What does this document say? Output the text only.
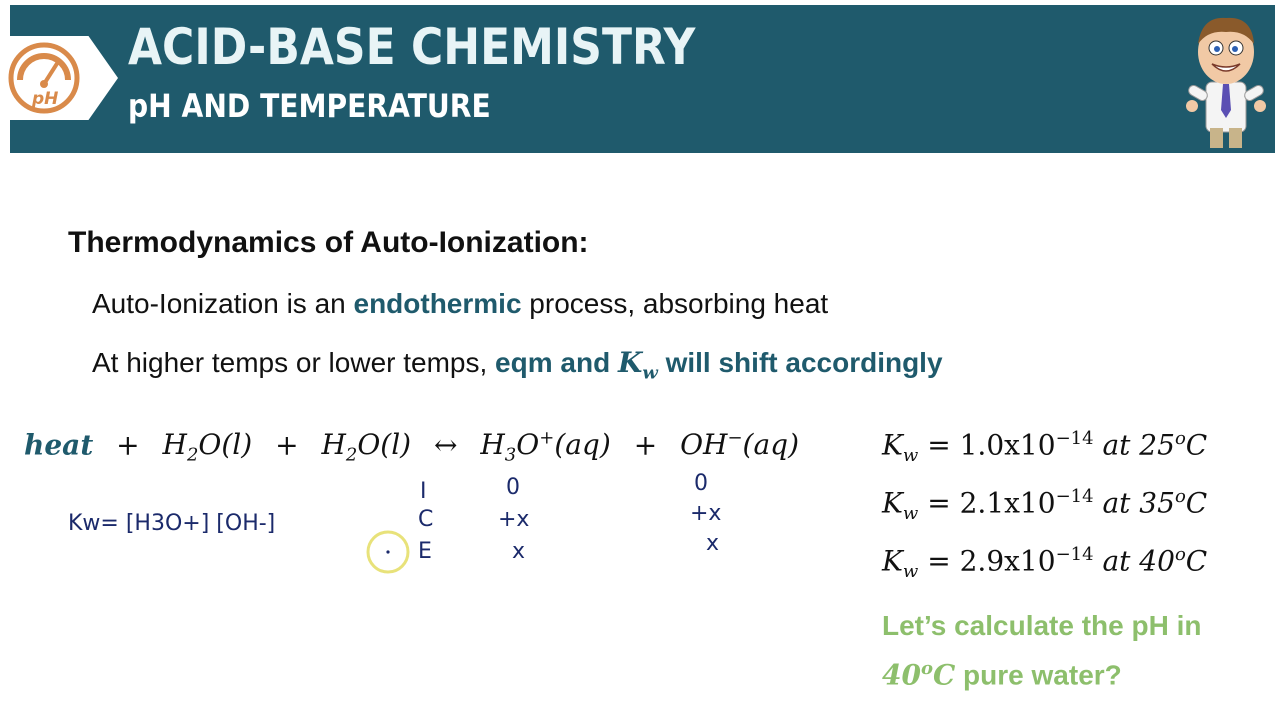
pH
ACID-BASE CHEMISTRY
pH AND TEMPERATURE
Thermodynamics of Auto-Ionization:
Auto-Ionization is an endothermic process, absorbing heat
At higher temps or lower temps, eqm and $K_w$ will shift accordingly
heat + $H_2O(l) + H_2O(l)$ ↔ $H_3O^+(aq) + OH^-(aq)$	$K_w = 1.0x10^{-14}$ at 25$^o$C
$K_w = 2.1x10^{-14}$ at 35$^o$C
$K_w = 2.9x10^{-14}$ at 40$^o$C
Let’s calculate the pH in
40$^o$C pure water?
Kw= [H3O+] [OH-]
I
C
E
0
+x
x
0
+x
x
